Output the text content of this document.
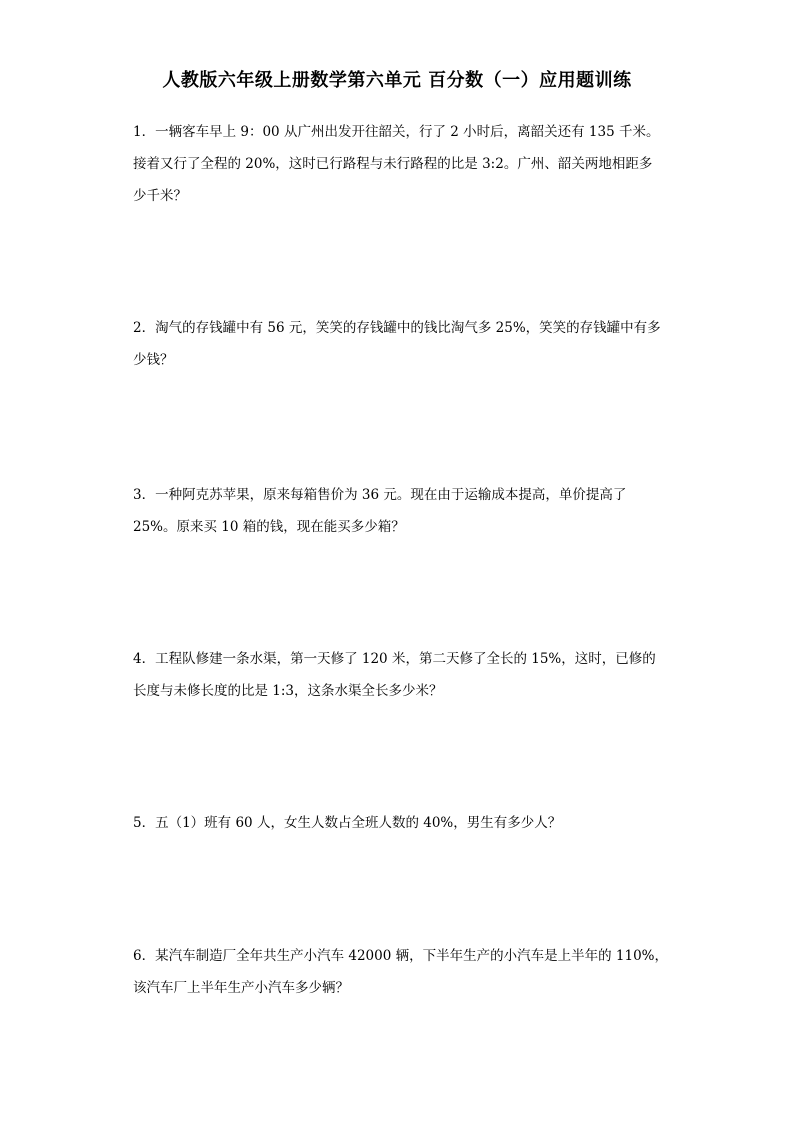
人教版六年级上册数学第六单元 百分数（一）应用题训练
1．一辆客车早上 9：00 从广州出发开往韶关，行了 2 小时后，离韶关还有 135 千米。
接着又行了全程的 20%，这时已行路程与未行路程的比是 3:2。广州、韶关两地相距多
少千米？
2．淘气的存钱罐中有 56 元，笑笑的存钱罐中的钱比淘气多 25%，笑笑的存钱罐中有多
少钱？
3．一种阿克苏苹果，原来每箱售价为 36 元。现在由于运输成本提高，单价提高了
25%。原来买 10 箱的钱，现在能买多少箱？
4．工程队修建一条水渠，第一天修了 120 米，第二天修了全长的 15%，这时，已修的
长度与未修长度的比是 1:3，这条水渠全长多少米？
5．五（1）班有 60 人，女生人数占全班人数的 40%，男生有多少人？
6．某汽车制造厂全年共生产小汽车 42000 辆，下半年生产的小汽车是上半年的 110%，
该汽车厂上半年生产小汽车多少辆？
